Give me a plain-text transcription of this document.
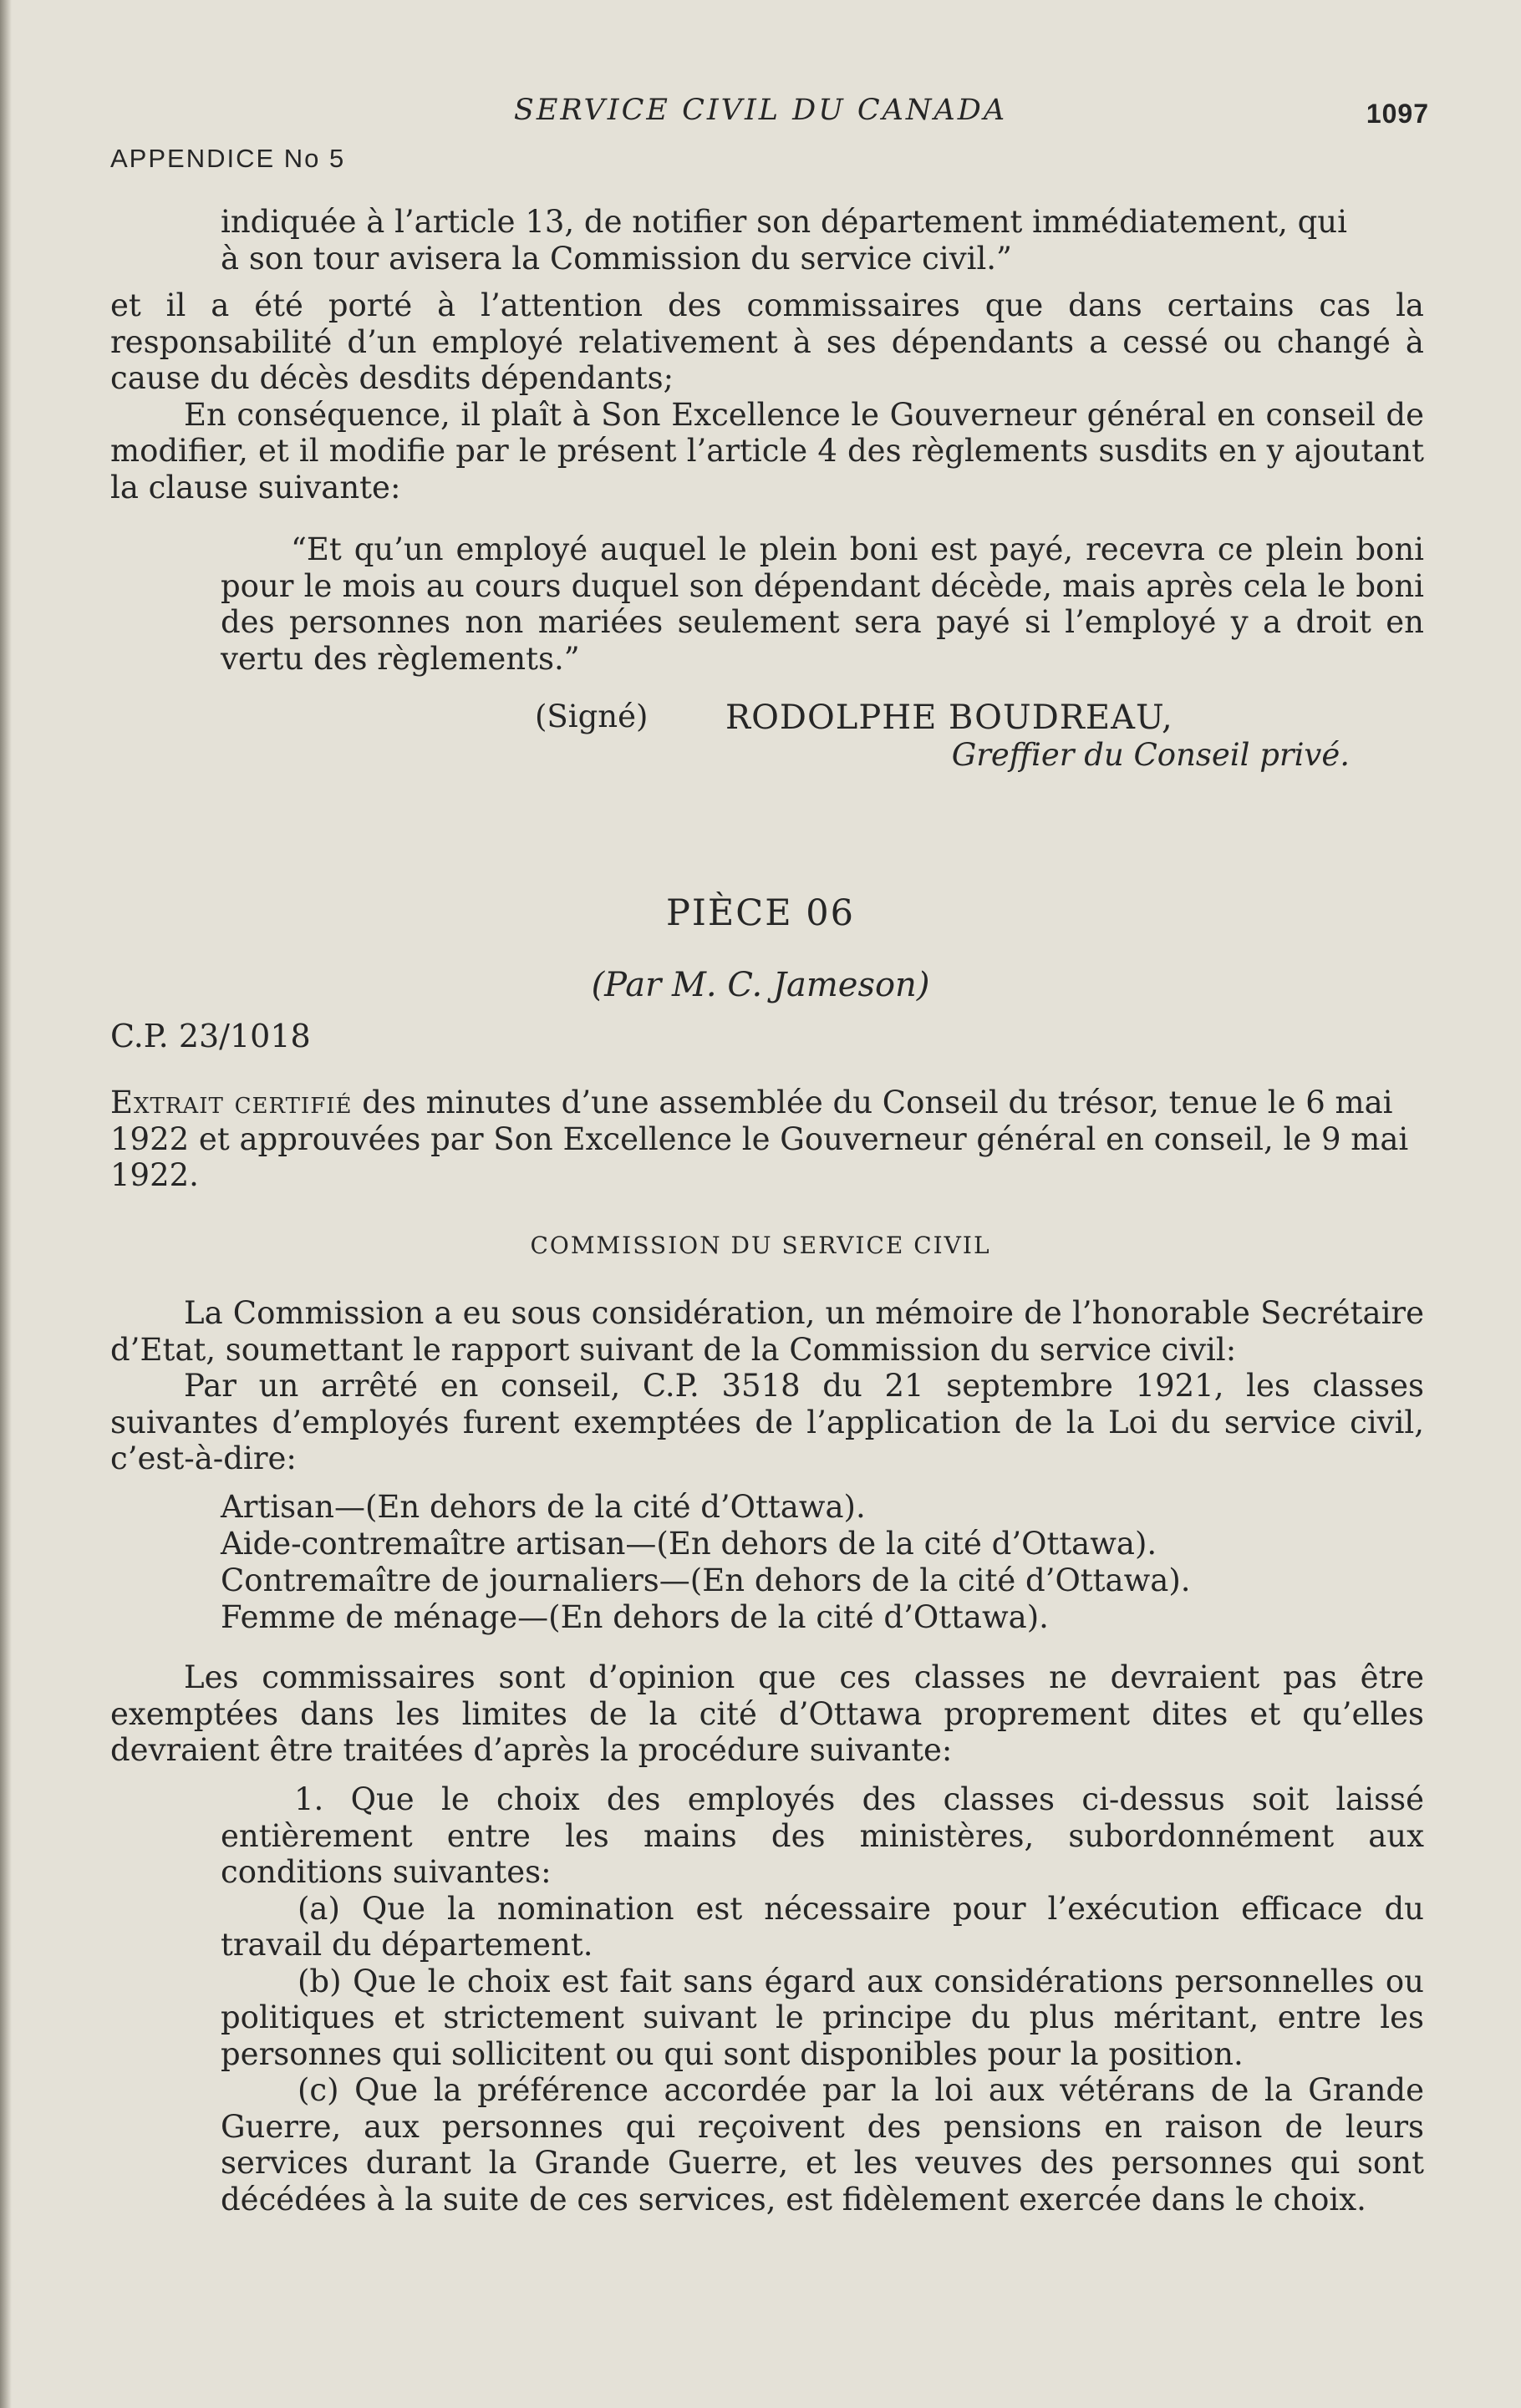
SERVICE CIVIL DU CANADA	1097
APPENDICE No 5

indiquée à l’article 13, de notifier son département immédiatement, qui

à son tour avisera la Commission du service civil.”

et il a été porté à l’attention des commissaires que dans certains cas la responsabilité d’un employé relativement à ses dépendants a cessé ou changé à cause du décès desdits dépendants;

En conséquence, il plaît à Son Excellence le Gouverneur général en conseil de modifier, et il modifie par le présent l’article 4 des règlements susdits en y ajoutant la clause suivante:

“Et qu’un employé auquel le plein boni est payé, recevra ce plein boni pour le mois au cours duquel son dépendant décède, mais après cela le boni des personnes non mariées seulement sera payé si l’employé y a droit en vertu des règlements.”
(Signé) RODOLPHE BOUDREAU,
Greffier du Conseil privé.
PIÈCE 06
(Par M. C. Jameson)
C.P. 23/1018
Extrait certifié des minutes d’une assemblée du Conseil du trésor, tenue le 6 mai 1922 et approuvées par Son Excellence le Gouverneur général en conseil, le 9 mai 1922.
COMMISSION DU SERVICE CIVIL

La Commission a eu sous considération, un mémoire de l’honorable Secrétaire d’Etat, soumettant le rapport suivant de la Commission du service civil:

Par un arrêté en conseil, C.P. 3518 du 21 septembre 1921, les classes suivantes d’employés furent exemptées de l’application de la Loi du service civil, c’est-à-dire:

Artisan—(En dehors de la cité d’Ottawa).

Aide-contremaître artisan—(En dehors de la cité d’Ottawa).

Contremaître de journaliers—(En dehors de la cité d’Ottawa).

Femme de ménage—(En dehors de la cité d’Ottawa).

Les commissaires sont d’opinion que ces classes ne devraient pas être exemptées dans les limites de la cité d’Ottawa proprement dites et qu’elles devraient être traitées d’après la procédure suivante:

1. Que le choix des employés des classes ci-dessus soit laissé entièrement entre les mains des ministères, subordonnément aux conditions suivantes:

(a) Que la nomination est nécessaire pour l’exécution efficace du travail du département.

(b) Que le choix est fait sans égard aux considérations personnelles ou politiques et strictement suivant le principe du plus méritant, entre les personnes qui sollicitent ou qui sont disponibles pour la position.

(c) Que la préférence accordée par la loi aux vétérans de la Grande Guerre, aux personnes qui reçoivent des pensions en raison de leurs services durant la Grande Guerre, et les veuves des personnes qui sont décédées à la suite de ces services, est fidèlement exercée dans le choix.
